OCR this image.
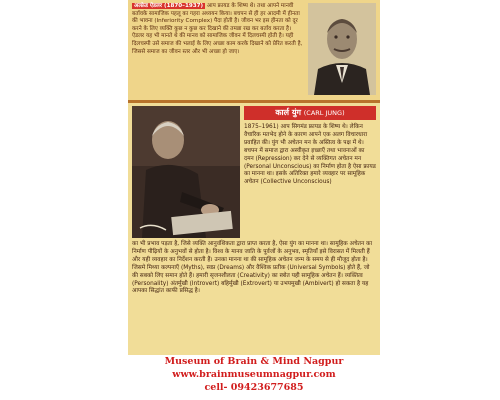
अल्फ्रेड ऐडलर (1870–1937) आप फ्रायड के शिष्य थे। तथा आपने मानवी बर्तावके सामाजिक पहलू का गहरा अध्ययन किया। बचपन से ही हर आदमी में हीनता की भावना (Inferiority Complex) पैदा होती है। जीवन भर इस हीनता को दूर करने के लिए व्यक्ति कुछ न कुछ कर दिखाने की तमन्ना रख कर बर्ताव करता है। ऐडलर यह भी मानते थे की मानव को सामाजिक जीवन में दिलचस्पी होती है। यही दिलचस्पी उसे समाज की भलाई के लिए अच्छा काम करके दिखाने को प्रेरित करती है, जिससे समाज का जीवन स्तर और भी अच्छा हो जाए।
कार्ल युंग (CARL JUNG)
1875–1961) आप सिगमंड फ्रायड के शिष्य थे। लेकिन वैचारिक मतभेद होने के कारण आपने एक अलग विचारधारा प्रवाहित की। युंग भी अचेतन मन के अस्तित्व के पक्ष में थे। बचपन में समाज द्वारा अस्वीकृत इच्छाएँ तथा भावनाओं का दमन (Repression) कर देने से व्यक्तिगत अचेतन मन (Personal Unconscious) का निर्माण होता है ऐसा फ्रायड का मानना था। इसके अतिरिक्त हमारे व्यवहार पर सामूहिक अचेतन (Collective Unconscious)
का भी प्रभाव पड़ता है, जिसे व्यक्ति आनुवंशिकता द्वारा प्राप्त करता है, ऐसा युंग का मानना था। सामूहिक अचेतन का निर्माण पीढ़ियों के अनुभवों से होता है। विश्व के मानव जाति के पूर्वजों के अनुभव, स्मृतियाँ इसे विरासत में मिलती हैं और यही व्यवहार का निर्देशन करती हैं। उनका मानना था की सामूहिक अचेतन जन्म के समय से ही मौजूद होता है। जिसमे मिथ्या कल्पनाएँ (Myths), स्वप्न (Dreams) और वैश्विक प्रतीक (Universal Symbols) होते हैं, जो की सबको लिए समान होते हैं। हमारी सृजनशीलता (Creativity) का स्त्रोत यही सामूहिक अचेतन हैं। व्यक्तित्व (Personality) अंतर्मुखी (Introvert) बहिर्मुखी (Extrovert) या उभयमुखी (Ambivert) हो सकता है यह आपका सिद्धांत काफी प्रसिद्ध है।
Museum of Brain & Mind Nagpur
www.brainmuseumnagpur.com
cell- 09423677685
